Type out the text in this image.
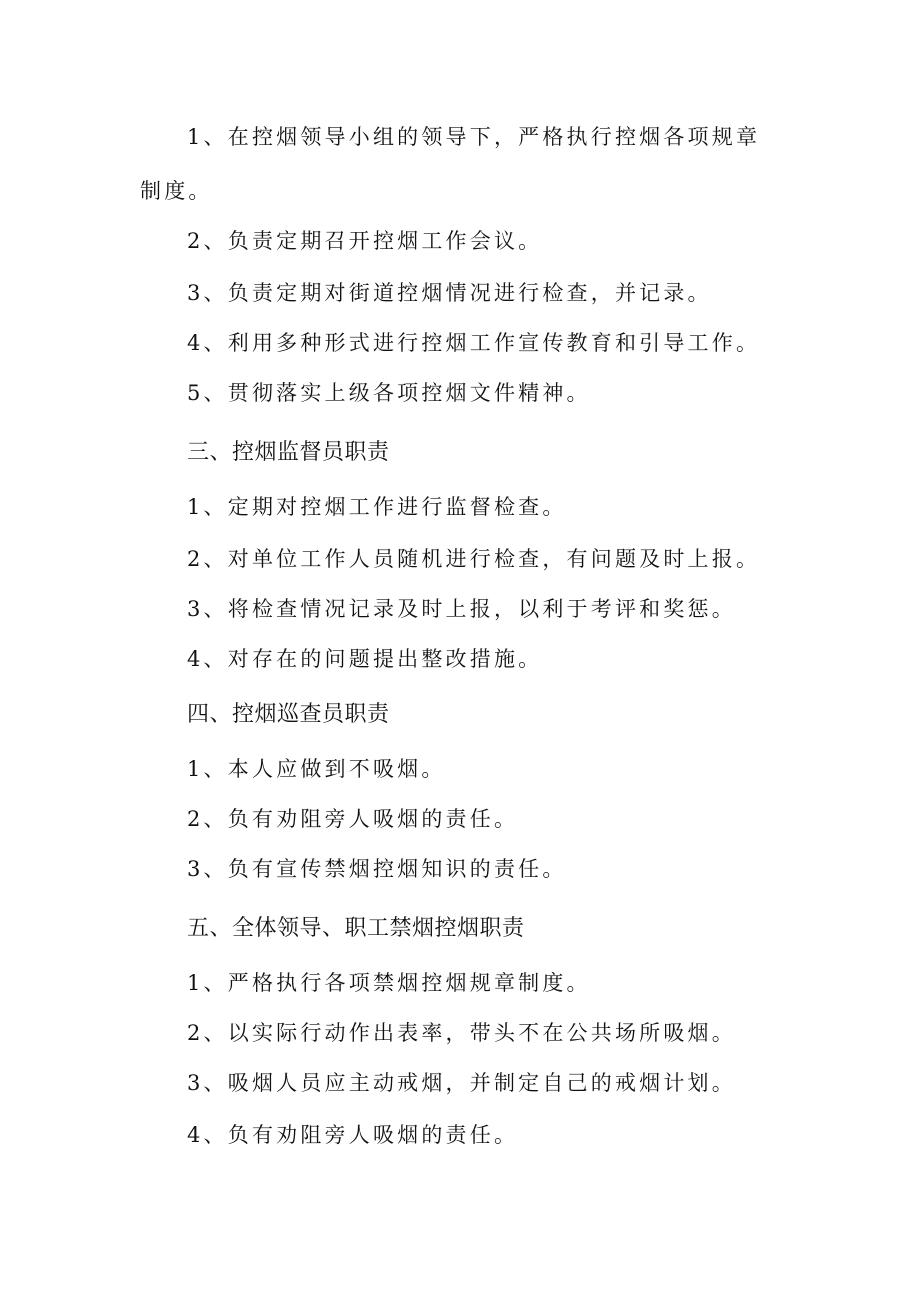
1、在控烟领导小组的领导下，严格执行控烟各项规章
制度。
2、负责定期召开控烟工作会议。
3、负责定期对街道控烟情况进行检查，并记录。
4、利用多种形式进行控烟工作宣传教育和引导工作。
5、贯彻落实上级各项控烟文件精神。
三、控烟监督员职责
1、定期对控烟工作进行监督检查。
2、对单位工作人员随机进行检查，有问题及时上报。
3、将检查情况记录及时上报，以利于考评和奖惩。
4、对存在的问题提出整改措施。
四、控烟巡查员职责
1、本人应做到不吸烟。
2、负有劝阻旁人吸烟的责任。
3、负有宣传禁烟控烟知识的责任。
五、全体领导、职工禁烟控烟职责
1、严格执行各项禁烟控烟规章制度。
2、以实际行动作出表率，带头不在公共场所吸烟。
3、吸烟人员应主动戒烟，并制定自己的戒烟计划。
4、负有劝阻旁人吸烟的责任。
